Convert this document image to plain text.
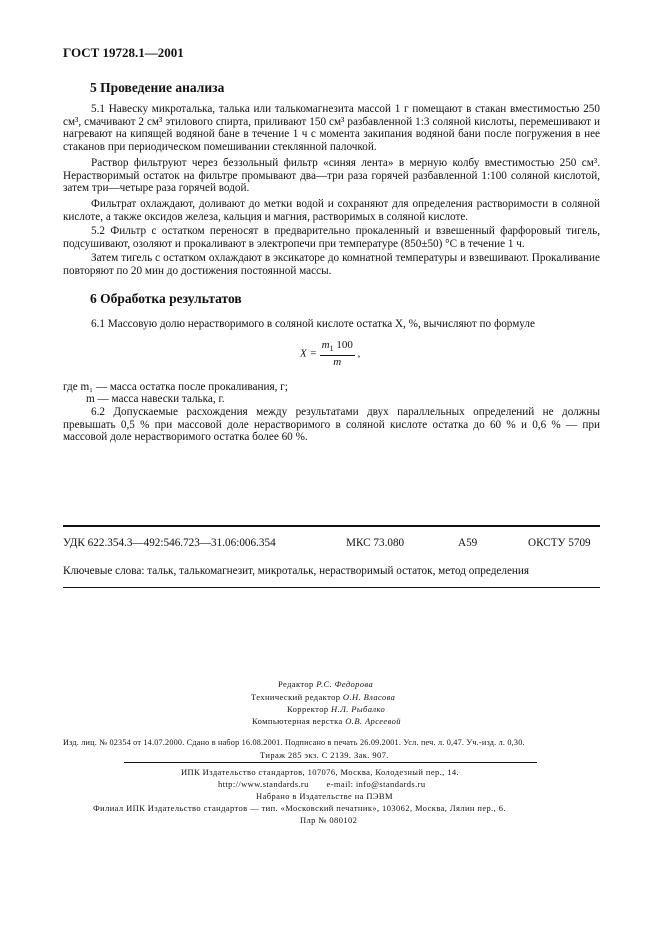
ГОСТ 19728.1—2001
5 Проведение анализа
5.1 Навеску микроталька, талька или талькомагнезита массой 1 г помещают в стакан вместимостью 250 см³, смачивают 2 см³ этилового спирта, приливают 150 см³ разбавленной 1:3 соляной кислоты, перемешивают и нагревают на кипящей водяной бане в течение 1 ч с момента закипания водяной бани после погружения в нее стаканов при периодическом помешивании стеклянной палочкой.
Раствор фильтруют через беззольный фильтр «синяя лента» в мерную колбу вместимостью 250 см³. Нерастворимый остаток на фильтре промывают два—три раза горячей разбавленной 1:100 соляной кислотой, затем три—четыре раза горячей водой.
Фильтрат охлаждают, доливают до метки водой и сохраняют для определения растворимости в соляной кислоте, а также оксидов железа, кальция и магния, растворимых в соляной кислоте.
5.2 Фильтр с остатком переносят в предварительно прокаленный и взвешенный фарфоровый тигель, подсушивают, озоляют и прокаливают в электропечи при температуре (850±50) °С в течение 1 ч.
Затем тигель с остатком охлаждают в эксикаторе до комнатной температуры и взвешивают. Прокаливание повторяют по 20 мин до достижения постоянной массы.
6 Обработка результатов
6.1 Массовую долю нерастворимого в соляной кислоте остатка X, %, вычисляют по формуле
$X = \frac{m_1 100}{m}$ ,
где m₁ — масса остатка после прокаливания, г;
m — масса навески талька, г.
6.2 Допускаемые расхождения между результатами двух параллельных определений не должны превышать 0,5 % при массовой доле нерастворимого в соляной кислоте остатка до 60 % и 0,6 % — при массовой доле нерастворимого остатка более 60 %.
УДК 622.354.3—492:546.723—31.06:006.354	МКС 73.080	А59	ОКСТУ 5709
Ключевые слова: тальк, талькомагнезит, микротальк, нерастворимый остаток, метод определения
Редактор Р.С. Федорова
Технический редактор О.Н. Власова
Корректор Н.Л. Рыбалко
Компьютерная верстка О.В. Арсеевой
Изд. лиц. № 02354 от 14.07.2000. Сдано в набор 16.08.2001. Подписано в печать 26.09.2001. Усл. печ. л. 0,47. Уч.-изд. л. 0,30.
Тираж 285 экз. С 2139. Зак. 907.
ИПК Издательство стандартов, 107076, Москва, Колодезный пер., 14.
http://www.standards.ru       e-mail: info@standards.ru
Набрано в Издательстве на ПЭВМ
Филиал ИПК Издательство стандартов — тип. «Московский печатник», 103062, Москва, Лялин пер., 6.
Плр № 080102
